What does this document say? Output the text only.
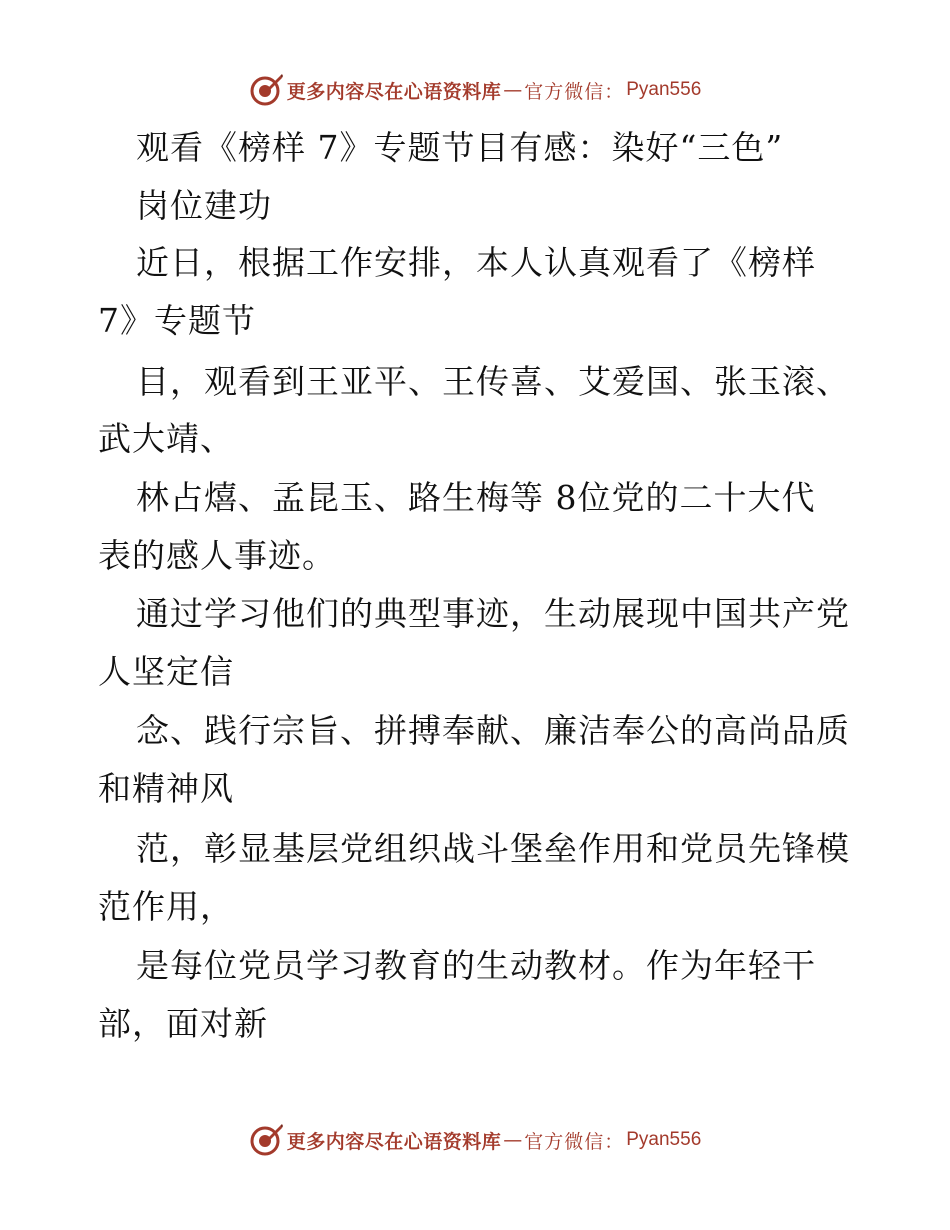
更多内容尽在心语资料库 — 官方微信： Pyan556
观看《榜样 7》专题节目有感：染好“三色”
岗位建功
近日，根据工作安排，本人认真观看了《榜样
7》专题节
目，观看到王亚平、王传喜、艾爱国、张玉滚、
武大靖、
林占熺、孟昆玉、路生梅等 8位党的二十大代
表的感人事迹。
通过学习他们的典型事迹，生动展现中国共产党
人坚定信
念、践行宗旨、拼搏奉献、廉洁奉公的高尚品质
和精神风
范，彰显基层党组织战斗堡垒作用和党员先锋模
范作用，
是每位党员学习教育的生动教材。作为年轻干
部，面对新
更多内容尽在心语资料库 — 官方微信： Pyan556
